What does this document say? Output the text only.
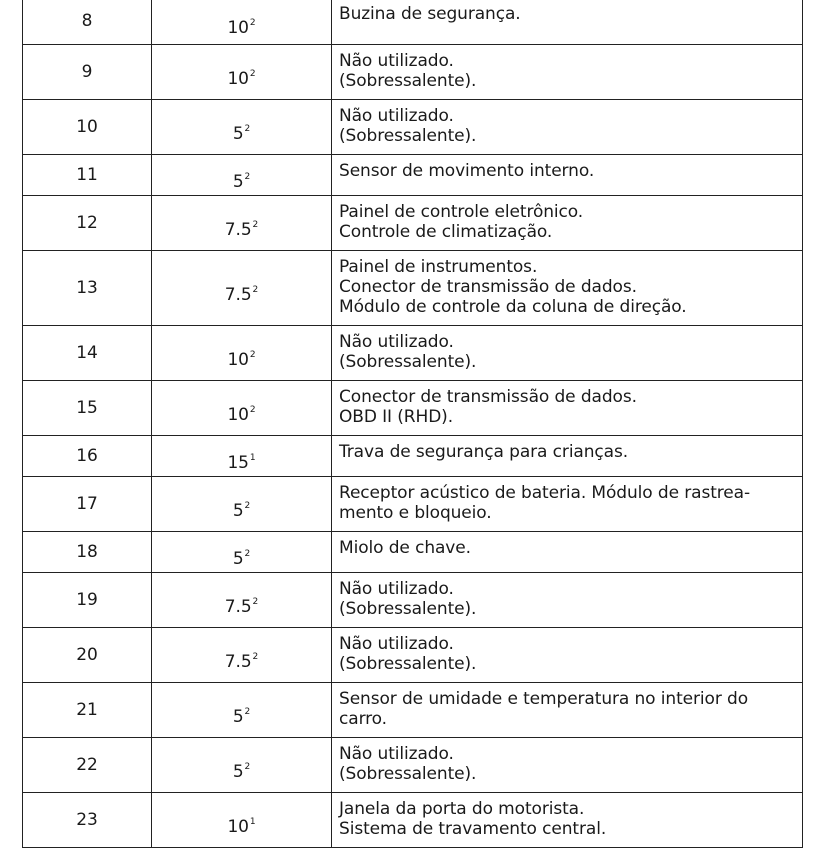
8	$10^2$	Buzina de segurança.

9	$10^2$	Não utilizado.
(Sobressalente).

10	$5^2$	Não utilizado.
(Sobressalente).

11	$5^2$	Sensor de movimento interno.

12	$7.5^2$	Painel de controle eletrônico.
Controle de climatização.

13	$7.5^2$	Painel de instrumentos.
Conector de transmissão de dados.
Módulo de controle da coluna de direção.

14	$10^2$	Não utilizado.
(Sobressalente).

15	$10^2$	Conector de transmissão de dados.
OBD II (RHD).

16	$15^1$	Trava de segurança para crianças.

17	$5^2$	Receptor acústico de bateria. Módulo de rastrea-
mento e bloqueio.

18	$5^2$	Miolo de chave.

19	$7.5^2$	Não utilizado.
(Sobressalente).

20	$7.5^2$	Não utilizado.
(Sobressalente).

21	$5^2$	Sensor de umidade e temperatura no interior do
carro.

22	$5^2$	Não utilizado.
(Sobressalente).

23	$10^1$	Janela da porta do motorista.
Sistema de travamento central.
